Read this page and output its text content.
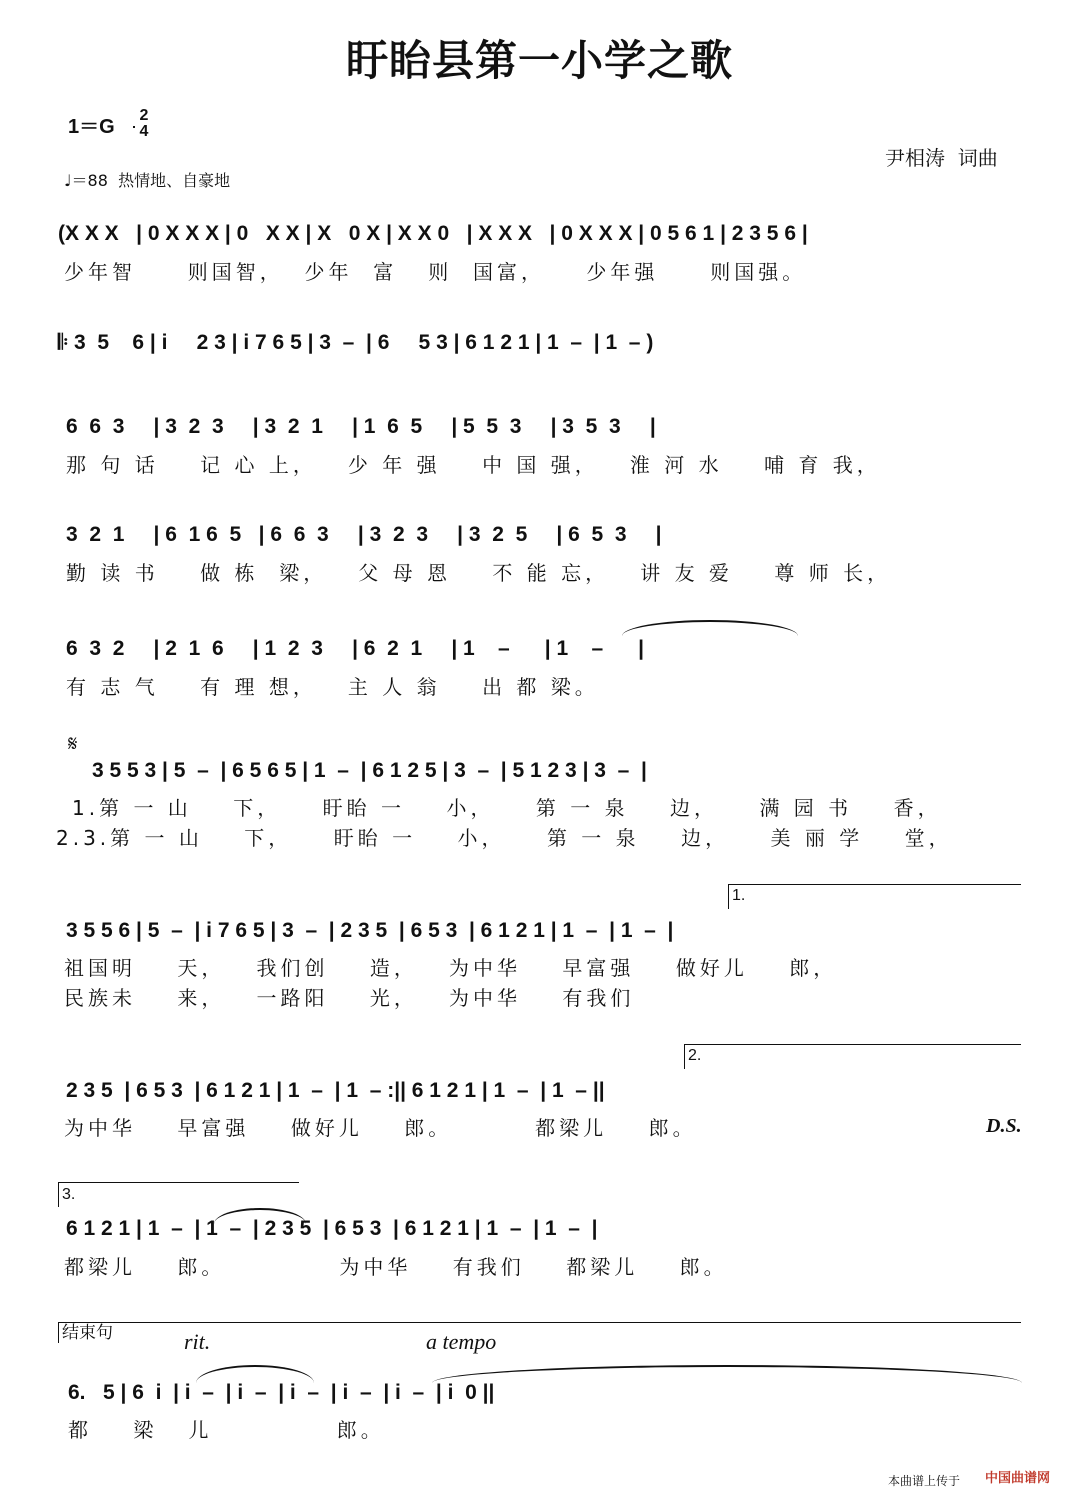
盱眙县第一小学之歌
1＝G
2
4
♩＝88  热情地、自豪地
尹相涛  词曲
(X X X   | 0 X X X | 0   X X | X   0 X | X X 0   | X X X   | 0 X X X | 0 5 6 1 | 2 3 5 6 |
少年智     则国智，  少年  富   则  国富，    少年强     则国强。
𝄆 3  5    6 | i     2 3 | i 7 6 5 | 3  –  | 6     5 3 | 6 1 2 1 | 1  –  | 1  – )
6  6  3     | 3  2  3     | 3  2  1     | 1  6  5     | 5  5  3     | 3  5  3     |
那 句 话    记 心 上，   少 年 强    中 国 强，   淮 河 水    哺 育 我，
3  2  1     | 6  1 6  5   | 6  6  3     | 3  2  3     | 3  2  5     | 6  5  3     |
勤 读 书    做 栋  梁，   父 母 恩    不 能 忘，   讲 友 爱    尊 师 长，
6  3  2     | 2  1  6     | 1  2  3     | 6  2  1     | 1    –      | 1    –      |
有 志 气    有 理 想，   主 人 翁    出 都 梁。
𝄋
3 5 5 3 | 5  –  | 6 5 6 5 | 1  –  | 6 1 2 5 | 3  –  | 5 1 2 3 | 3  –  |
1.第 一 山    下，    盱眙 一    小，    第 一 泉    边，    满 园 书    香，
2.3.第 一 山    下，    盱眙 一    小，    第 一 泉    边，    美 丽 学    堂，
1.
3 5 5 6 | 5  –  | i 7 6 5 | 3  –  | 2 3 5  | 6 5 3  | 6 1 2 1 | 1  –  | 1  –  |
祖国明    天，   我们创    造，   为中华    早富强    做好儿    郎，
民族未    来，   一路阳    光，   为中华    有我们
2.
2 3 5  | 6 5 3  | 6 1 2 1 | 1  –  | 1  – :|| 6 1 2 1 | 1  –  | 1  – ||
为中华    早富强    做好儿    郎。        都梁儿    郎。	D.S.
3.
6 1 2 1 | 1  –  | 1  –  | 2 3 5  | 6 5 3  | 6 1 2 1 | 1  –  | 1  –  |
都梁儿    郎。           为中华    有我们    都梁儿    郎。
结束句	rit.	a tempo
6.   5 | 6  i  | i  –  | i  –  | i  –  | i  –  | i  –  | i  0 ||
都    梁   儿            郎。
本曲谱上传于 中国曲谱网
